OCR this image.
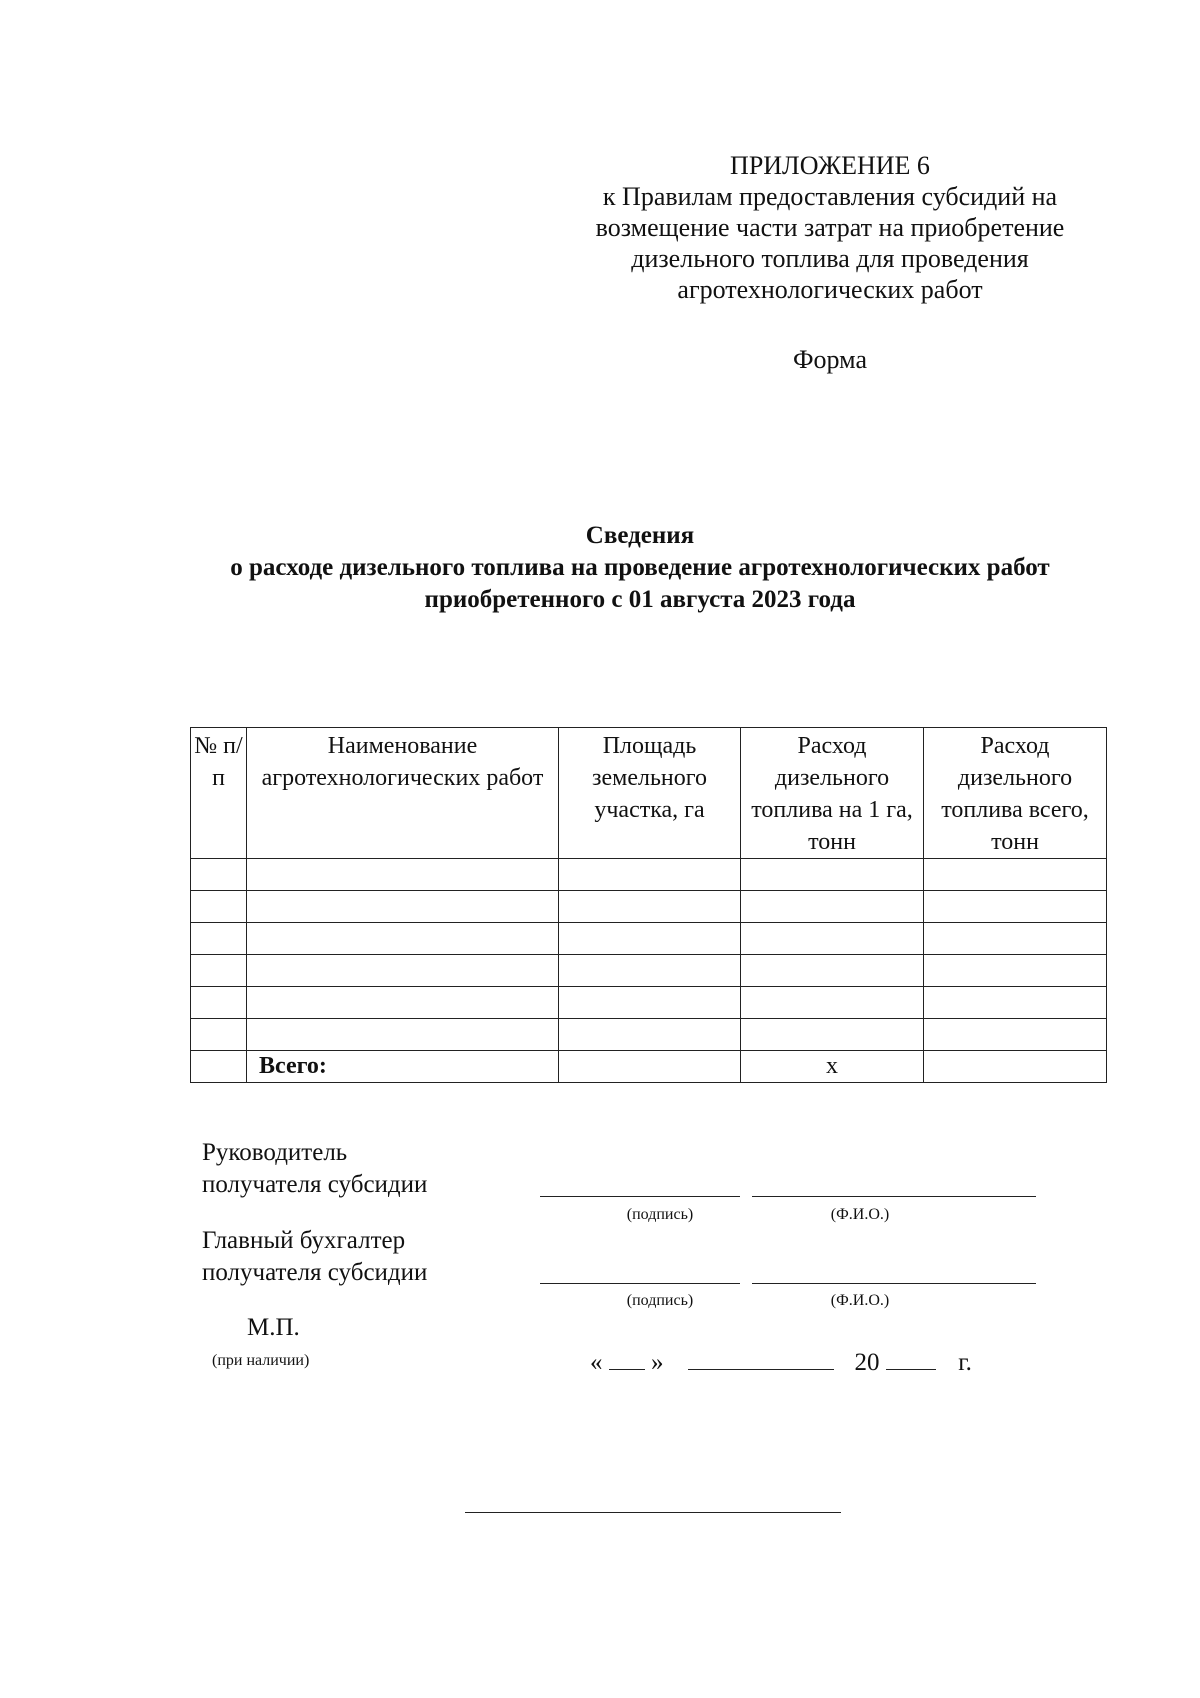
ПРИЛОЖЕНИЕ 6
к Правилам предоставления субсидий на
возмещение части затрат на приобретение
дизельного топлива для проведения
агротехнологических работ
Форма
Сведения
о расходе дизельного топлива на проведение агротехнологических работ
приобретенного с 01 августа 2023 года
№ п/п	Наименование агротехнологических работ	Площадь земельного участка, га	Расход дизельного топлива на 1 га, тонн	Расход дизельного топлива всего, тонн

	Всего:		x	
Руководитель
получателя субсидии
(подпись)	(Ф.И.О.)
Главный бухгалтер
получателя субсидии
(подпись)	(Ф.И.О.)
М.П.
(при наличии)	« »	20	г.
